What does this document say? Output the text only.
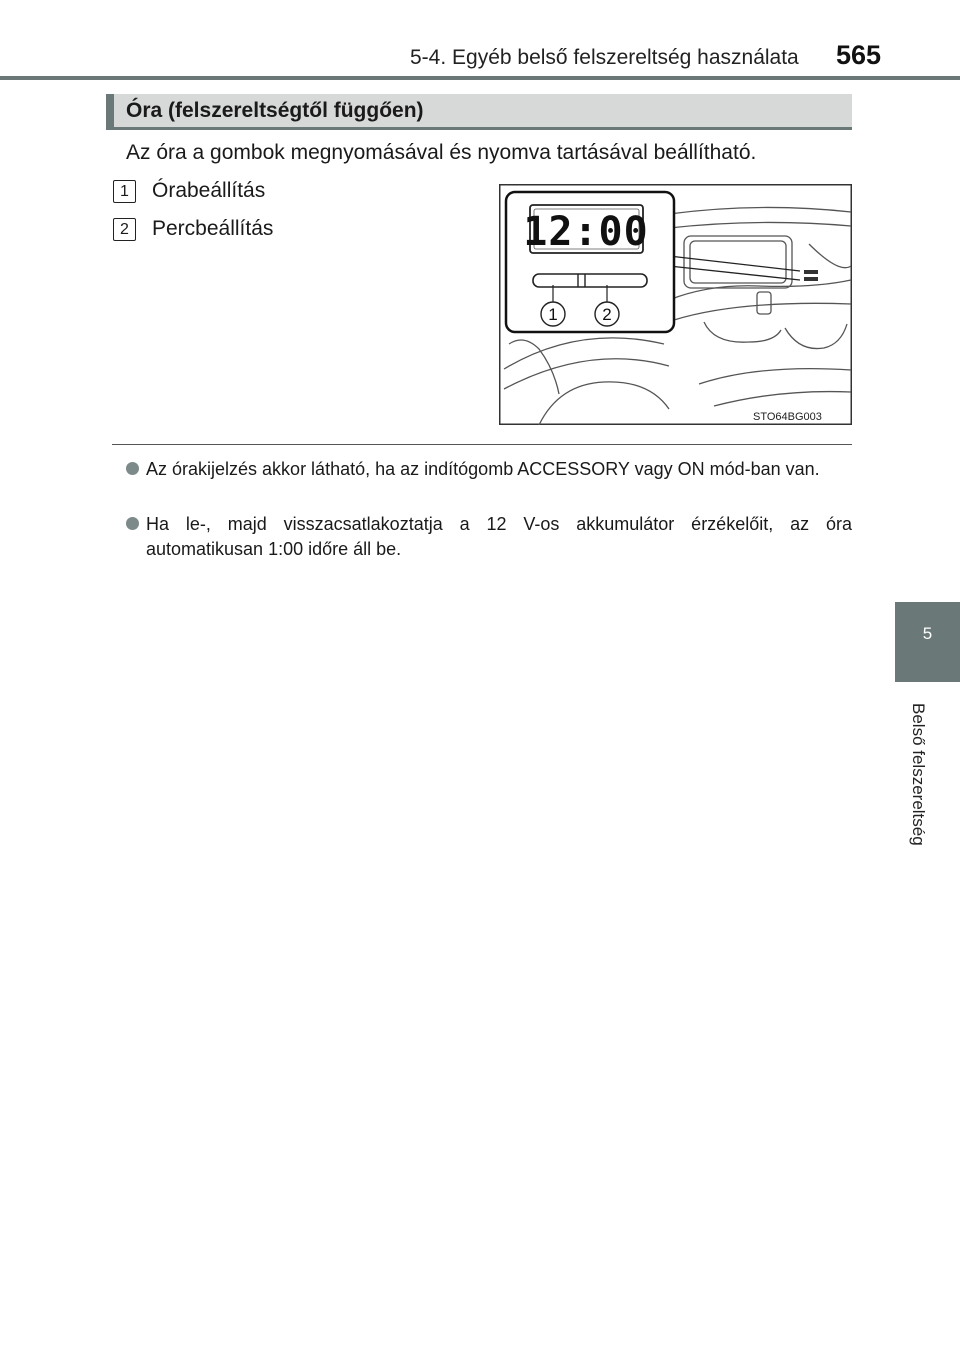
5-4. Egyéb belső felszereltség használata 565
Óra (felszereltségtől függően)
Az óra a gombok megnyomásával és nyomva tartásával beállítható.
1	Órabeállítás
2	Percbeállítás	12:00
1	2
STO64BG003
Az órakijelzés akkor látható, ha az indítógomb ACCESSORY vagy ON mód-ban van.
Ha le-, majd visszacsatlakoztatja a 12 V-os akkumulátor érzékelőit, az óra automatikusan 1:00 időre áll be.
5
Belső felszereltség
